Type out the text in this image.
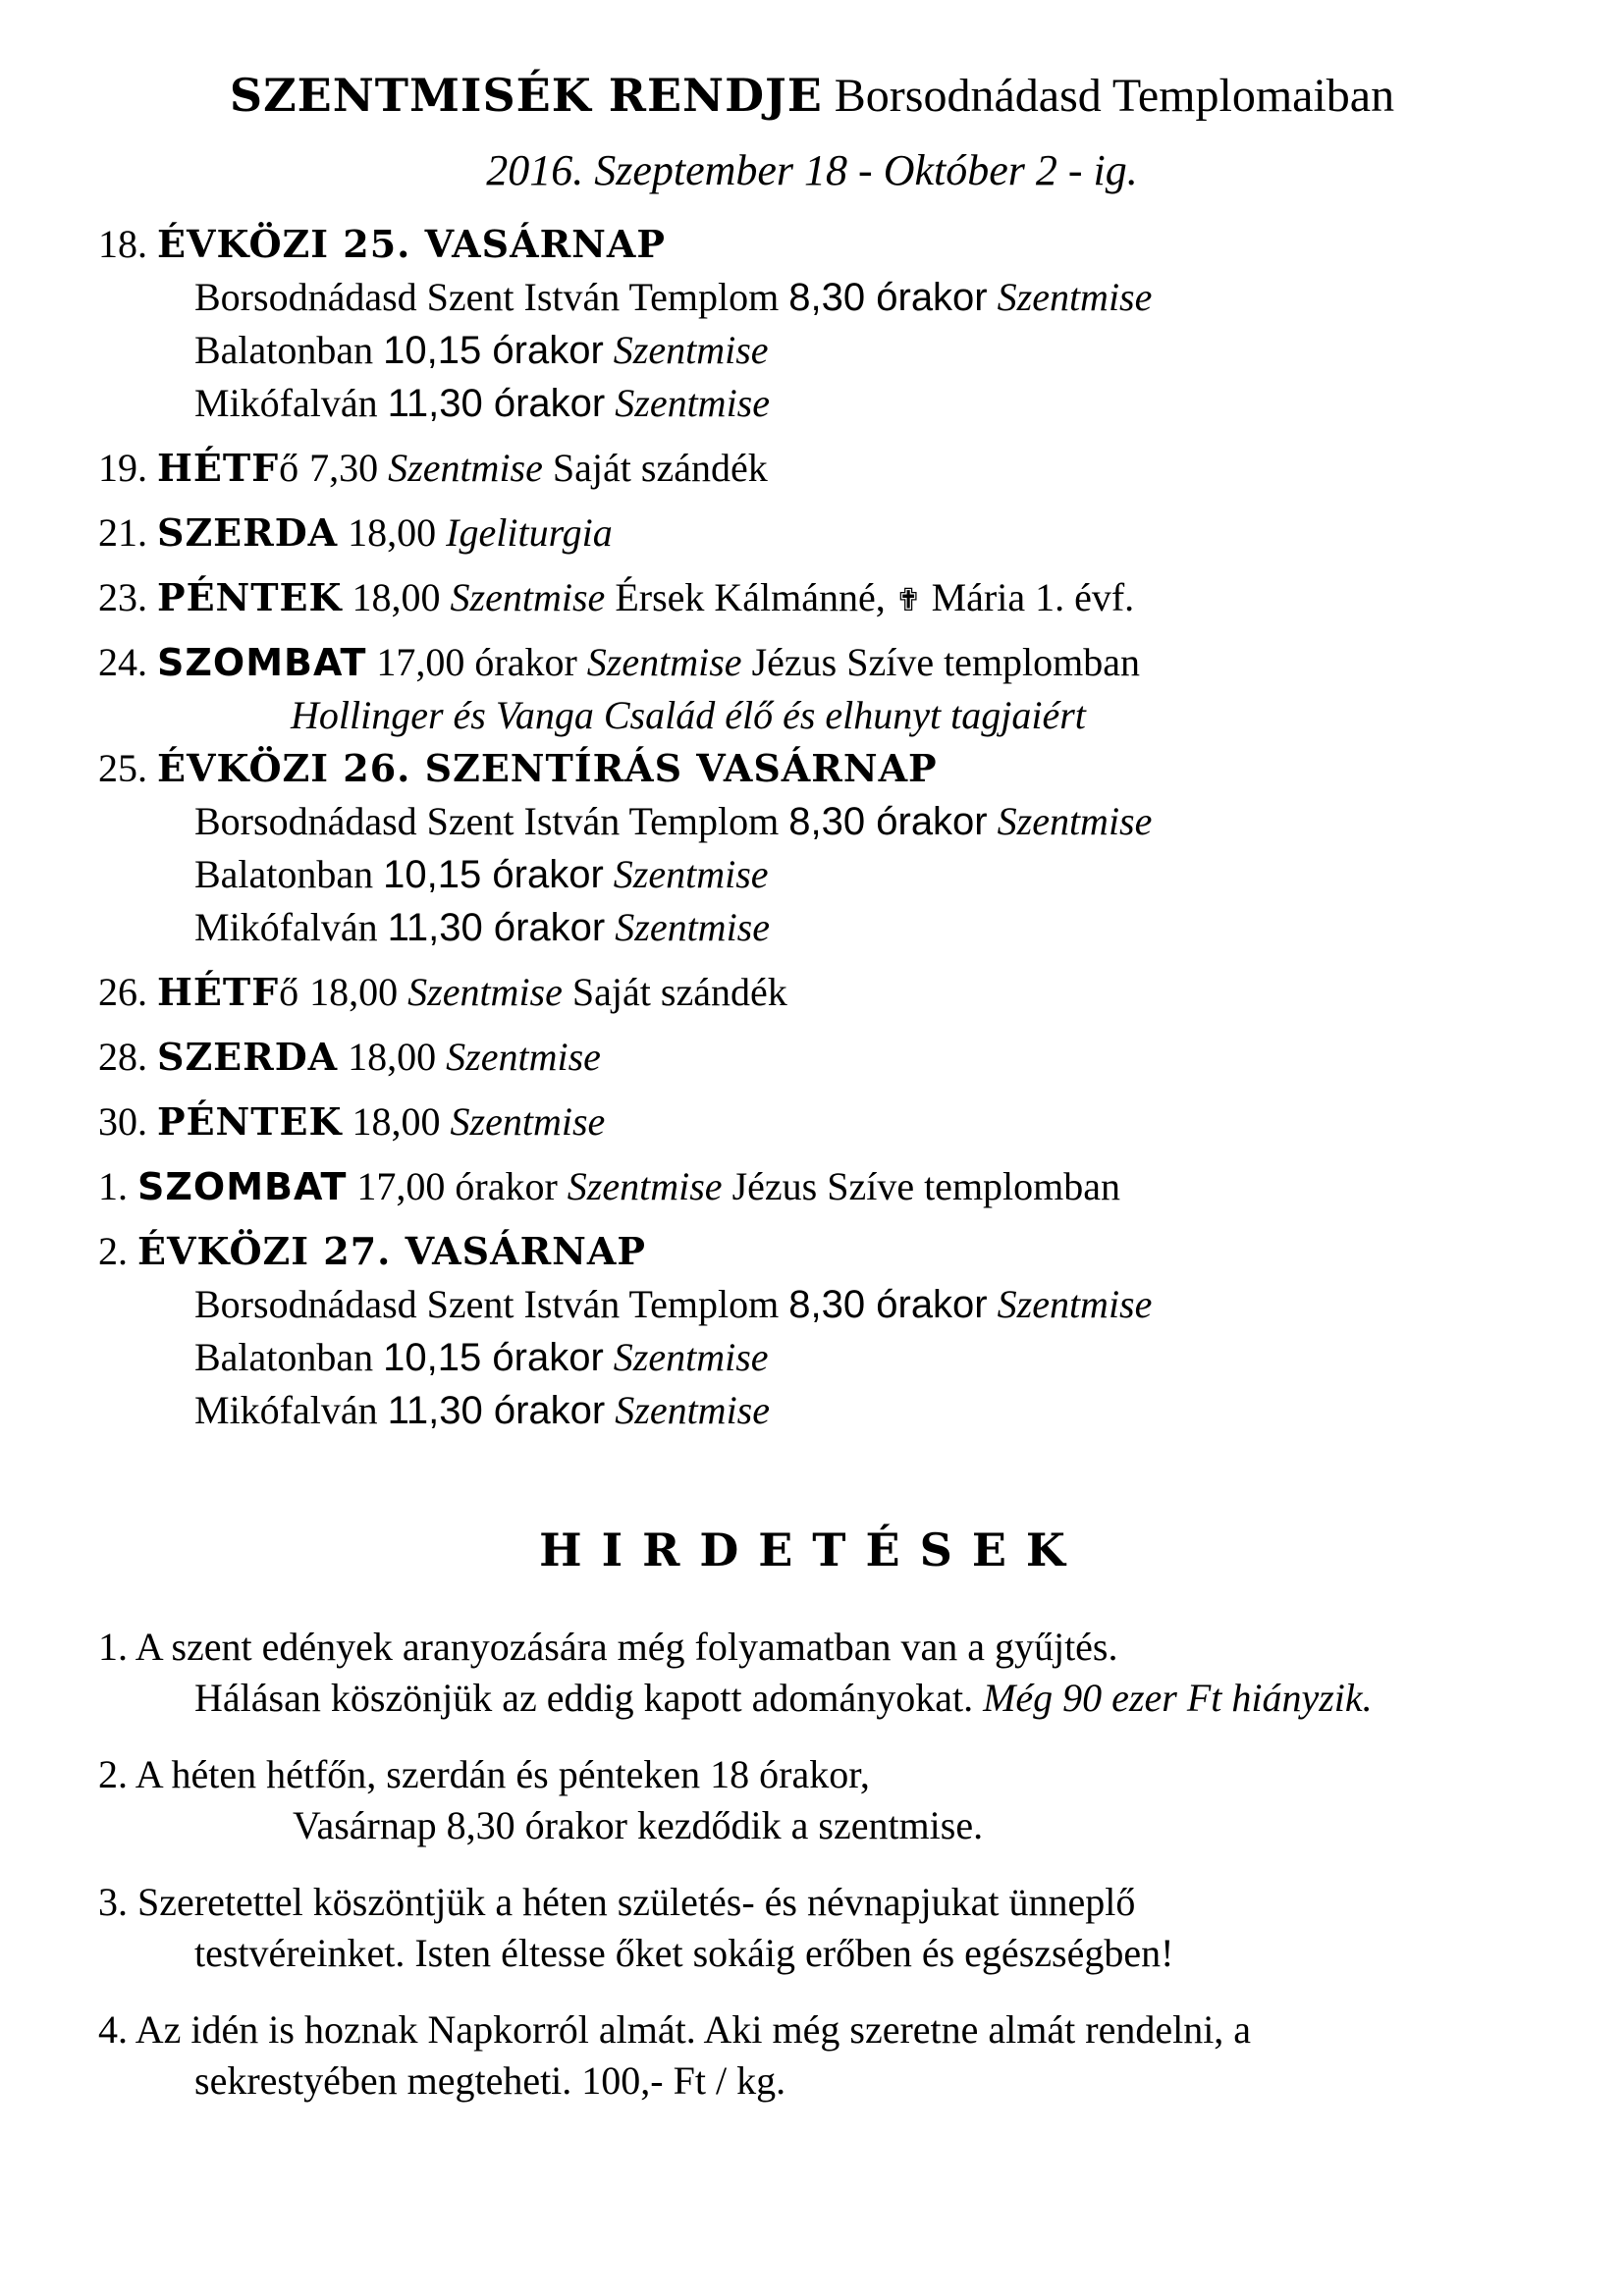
SZENTMISÉK RENDJE Borsodnádasd Templomaiban
2016. Szeptember 18 - Október 2 - ig.
18. ÉVKÖZI 25. VASÁRNAP
Borsodnádasd Szent István Templom 8,30 órakor Szentmise
Balatonban 10,15 órakor Szentmise
Mikófalván 11,30 órakor Szentmise
19. HÉTFő 7,30 Szentmise Saját szándék
21. SZERDA 18,00 Igeliturgia
23. PÉNTEK 18,00 Szentmise Érsek Kálmánné, ✟ Mária 1. évf.
24. SZOMBAT 17,00 órakor Szentmise Jézus Szíve templomban
Hollinger és Vanga Család élő és elhunyt tagjaiért
25. ÉVKÖZI 26. SZENTÍRÁS VASÁRNAP
Borsodnádasd Szent István Templom 8,30 órakor Szentmise
Balatonban 10,15 órakor Szentmise
Mikófalván 11,30 órakor Szentmise
26. HÉTFő 18,00 Szentmise Saját szándék
28. SZERDA 18,00 Szentmise
30. PÉNTEK 18,00 Szentmise
1. SZOMBAT 17,00 órakor Szentmise Jézus Szíve templomban
2. ÉVKÖZI 27. VASÁRNAP
Borsodnádasd Szent István Templom 8,30 órakor Szentmise
Balatonban 10,15 órakor Szentmise
Mikófalván 11,30 órakor Szentmise
HIRDETÉSEK
1. A szent edények aranyozására még folyamatban van a gyűjtés.
Hálásan köszönjük az eddig kapott adományokat. Még 90 ezer Ft hiányzik.
2. A héten hétfőn, szerdán és pénteken 18 órakor,
Vasárnap 8,30 órakor kezdődik a szentmise.
3. Szeretettel köszöntjük a héten születés- és névnapjukat ünneplő
testvéreinket. Isten éltesse őket sokáig erőben és egészségben!
4. Az idén is hoznak Napkorról almát. Aki még szeretne almát rendelni, a
sekrestyében megteheti. 100,- Ft / kg.
